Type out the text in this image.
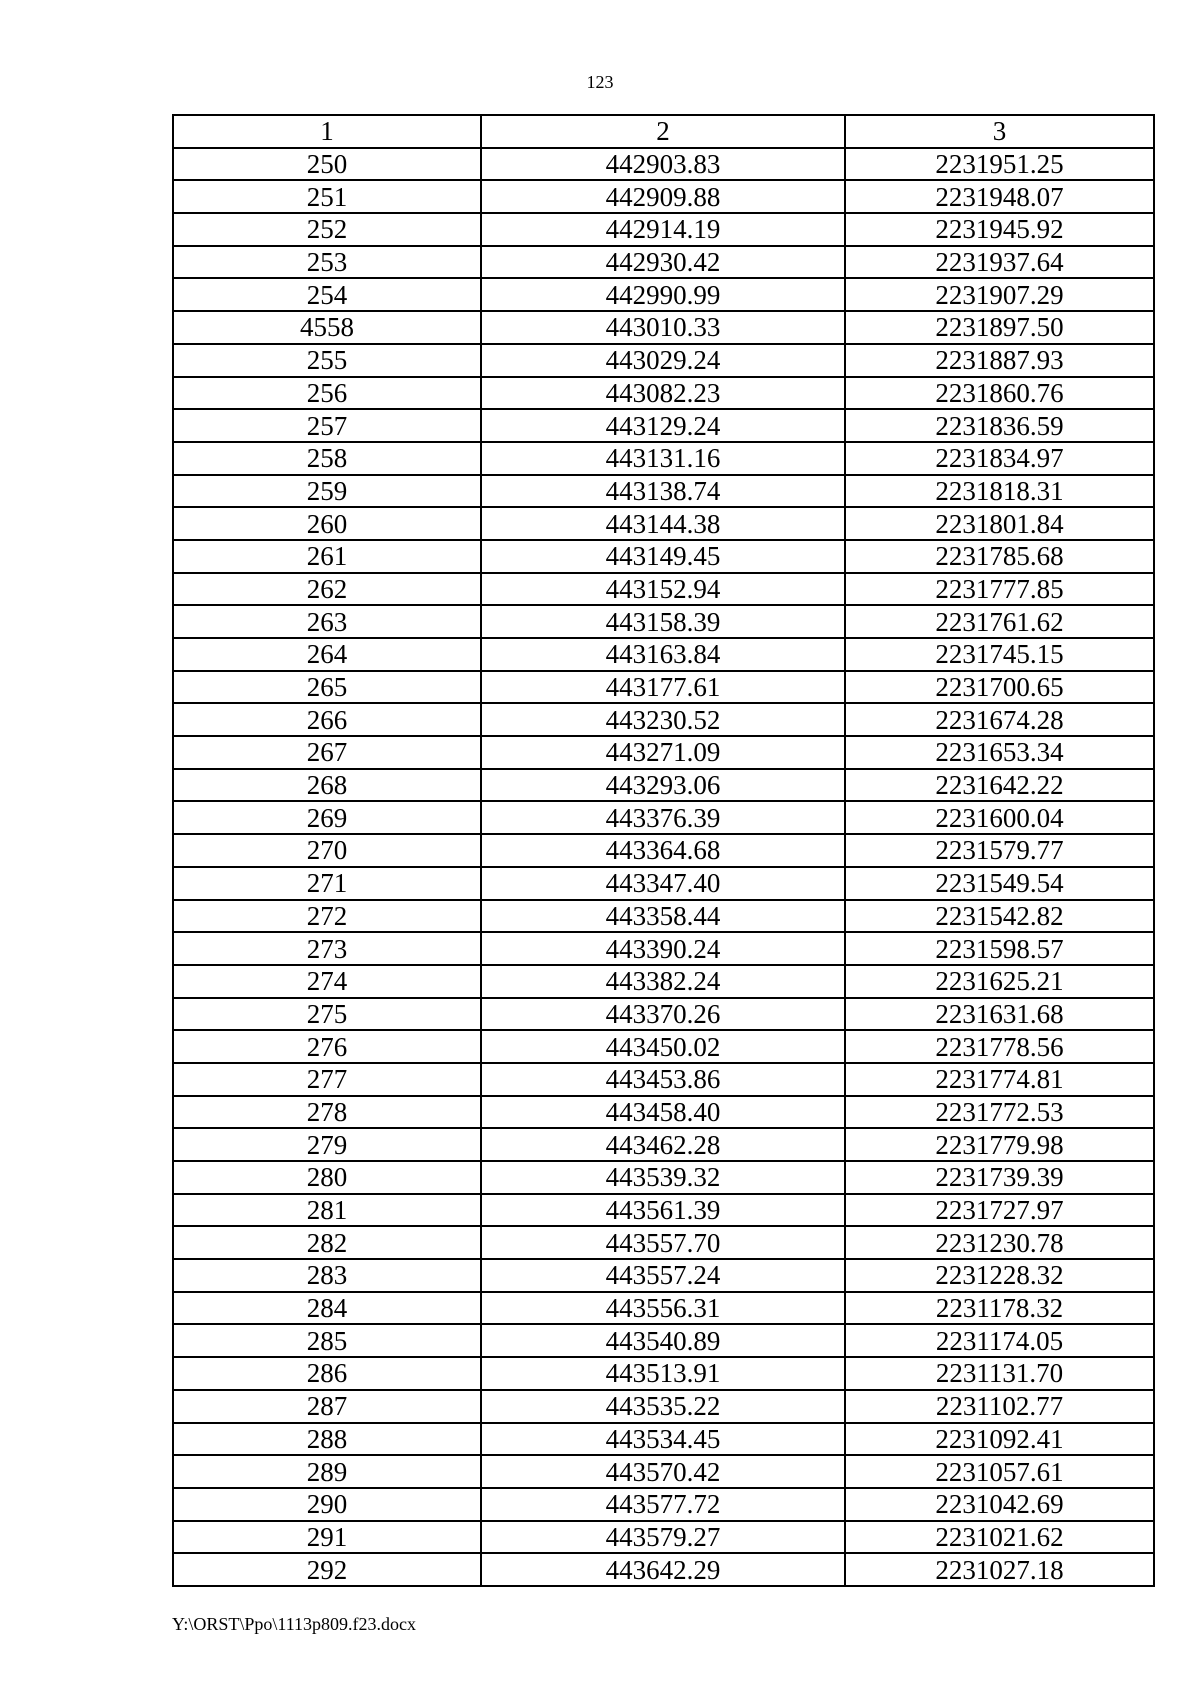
123
1	2	3
250	442903.83	2231951.25
251	442909.88	2231948.07
252	442914.19	2231945.92
253	442930.42	2231937.64
254	442990.99	2231907.29
4558	443010.33	2231897.50
255	443029.24	2231887.93
256	443082.23	2231860.76
257	443129.24	2231836.59
258	443131.16	2231834.97
259	443138.74	2231818.31
260	443144.38	2231801.84
261	443149.45	2231785.68
262	443152.94	2231777.85
263	443158.39	2231761.62
264	443163.84	2231745.15
265	443177.61	2231700.65
266	443230.52	2231674.28
267	443271.09	2231653.34
268	443293.06	2231642.22
269	443376.39	2231600.04
270	443364.68	2231579.77
271	443347.40	2231549.54
272	443358.44	2231542.82
273	443390.24	2231598.57
274	443382.24	2231625.21
275	443370.26	2231631.68
276	443450.02	2231778.56
277	443453.86	2231774.81
278	443458.40	2231772.53
279	443462.28	2231779.98
280	443539.32	2231739.39
281	443561.39	2231727.97
282	443557.70	2231230.78
283	443557.24	2231228.32
284	443556.31	2231178.32
285	443540.89	2231174.05
286	443513.91	2231131.70
287	443535.22	2231102.77
288	443534.45	2231092.41
289	443570.42	2231057.61
290	443577.72	2231042.69
291	443579.27	2231021.62
292	443642.29	2231027.18
Y:\ORST\Ppo\1113p809.f23.docx
